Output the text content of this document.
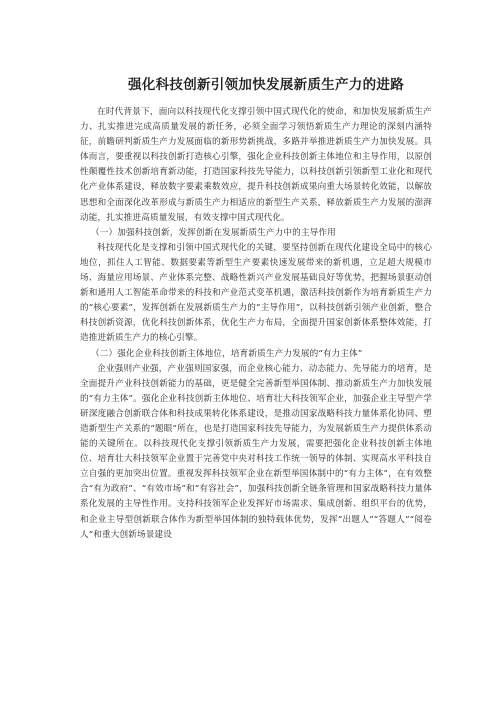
强化科技创新引领加快发展新质生产力的进路

在时代背景下，面向以科技现代化支撑引领中国式现代化的使命，和加快发展新质生产力、扎实推进完成高质量发展的新任务，必须全面学习领悟新质生产力理论的深刻内涵特征，前瞻研判新质生产力发展面临的新形势新挑战，多路并举推进新质生产力加快发展。具体而言，要重视以科技创新打造核心引擎，强化企业科技创新主体地位和主导作用，以原创性颠覆性技术创新培育新动能，打造国家科技先导能力，以科技创新引领新型工业化和现代化产业体系建设，释放数字要素乘数效应，提升科技创新成果向重大场景转化效能，以解放思想和全面深化改革形成与新质生产力相适应的新型生产关系，释放新质生产力发展的澎湃动能，扎实推进高质量发展，有效支撑中国式现代化。

（一）加强科技创新，发挥创新在发展新质生产力中的主导作用

科技现代化是支撑和引领中国式现代化的关键，要坚持创新在现代化建设全局中的核心地位，抓住人工智能、数据要素等新型生产要素快速发展带来的新机遇，立足超大规模市场、海量应用场景、产业体系完整、战略性新兴产业发展基础良好等优势，把握场景驱动创新和通用人工智能革命带来的科技和产业范式变革机遇，激活科技创新作为培育新质生产力的“核心要素”，发挥创新在发展新质生产力的“主导作用”，以科技创新引领产业创新，整合科技创新资源，优化科技创新体系，优化生产力布局，全面提升国家创新体系整体效能，打造推进新质生产力的核心引擎。

（二）强化企业科技创新主体地位，培育新质生产力发展的“有力主体”

企业强则产业强，产业强则国家强，而企业核心能力、动态能力、先导能力的培育，是全面提升产业科技创新能力的基础，更是健全完善新型举国体制、推动新质生产力加快发展的“有力主体”。强化企业科技创新主体地位、培育壮大科技领军企业，加强企业主导型产学研深度融合创新联合体和科技成果转化体系建设，是推动国家战略科技力量体系化协同、塑造新型生产关系的“题眼”所在，也是打造国家科技先导能力，为发展新质生产力提供体系动能的关键所在。以科技现代化支撑引领新质生产力发展，需要把强化企业科技创新主体地位、培育壮大科技领军企业置于完善党中央对科技工作统一领导的体制、实现高水平科技自立自强的更加突出位置。重视发挥科技领军企业在新型举国体制中的“有力主体”，在有效整合“有为政府”、“有效市场”和“有容社会”，加强科技创新全链条管理和国家战略科技力量体系化发展的主导性作用。支持科技领军企业发挥好市场需求、集成创新、组织平台的优势，和企业主导型创新联合体作为新型举国体制的独特载体优势，发挥“出题人”“答题人”“阅卷人”和重大创新场景建设
